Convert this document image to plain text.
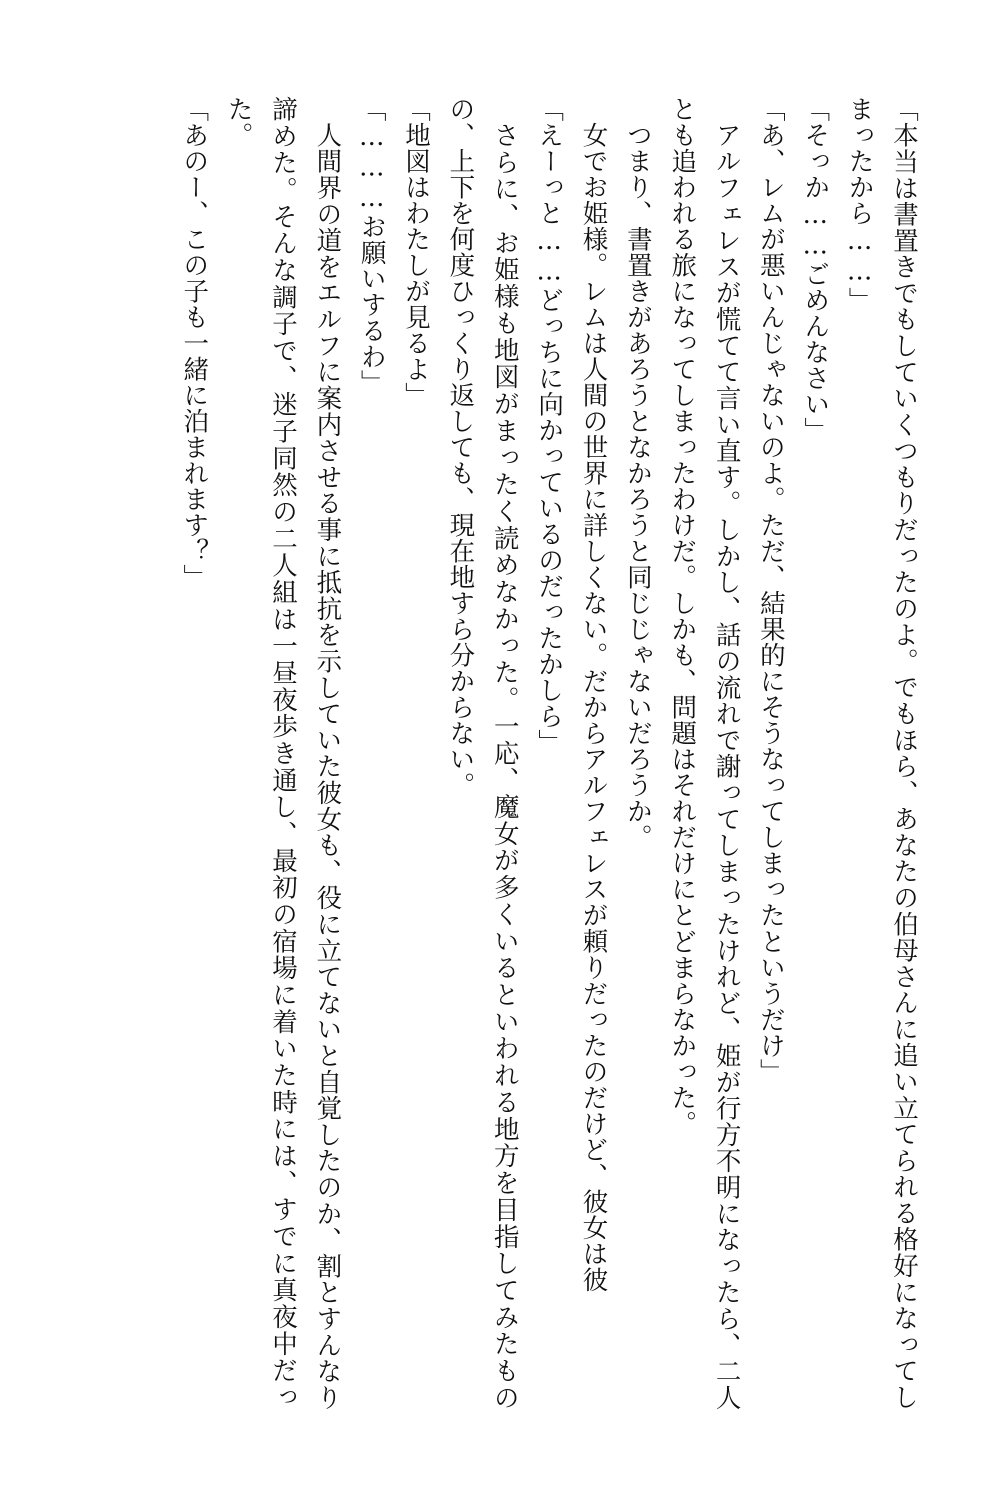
「本当は書置きでもしていくつもりだったのよ。でもほら、あなたの伯母さんに追い立てられる格好になってしまったから……」

「そっか……ごめんなさい」

「あ、レムが悪いんじゃないのよ。ただ、結果的にそうなってしまったというだけ」

アルフェレスが慌てて言い直す。しかし、話の流れで謝ってしまったけれど、姫が行方不明になったら、二人とも追われる旅になってしまったわけだ。しかも、問題はそれだけにとどまらなかった。

つまり、書置きがあろうとなかろうと同じじゃないだろうか。

女でお姫様。レムは人間の世界に詳しくない。だからアルフェレスが頼りだったのだけど、彼女は彼

「えーっと……どっちに向かっているのだったかしら」

さらに、お姫様も地図がまったく読めなかった。一応、魔女が多くいるといわれる地方を目指してみたものの、上下を何度ひっくり返しても、現在地すら分からない。

「地図はわたしが見るよ」

「………お願いするわ」

人間界の道をエルフに案内させる事に抵抗を示していた彼女も、役に立てないと自覚したのか、割とすんなり諦めた。そんな調子で、迷子同然の二人組は一昼夜歩き通し、最初の宿場に着いた時には、すでに真夜中だった。

「あのー、この子も一緒に泊まれます？」
